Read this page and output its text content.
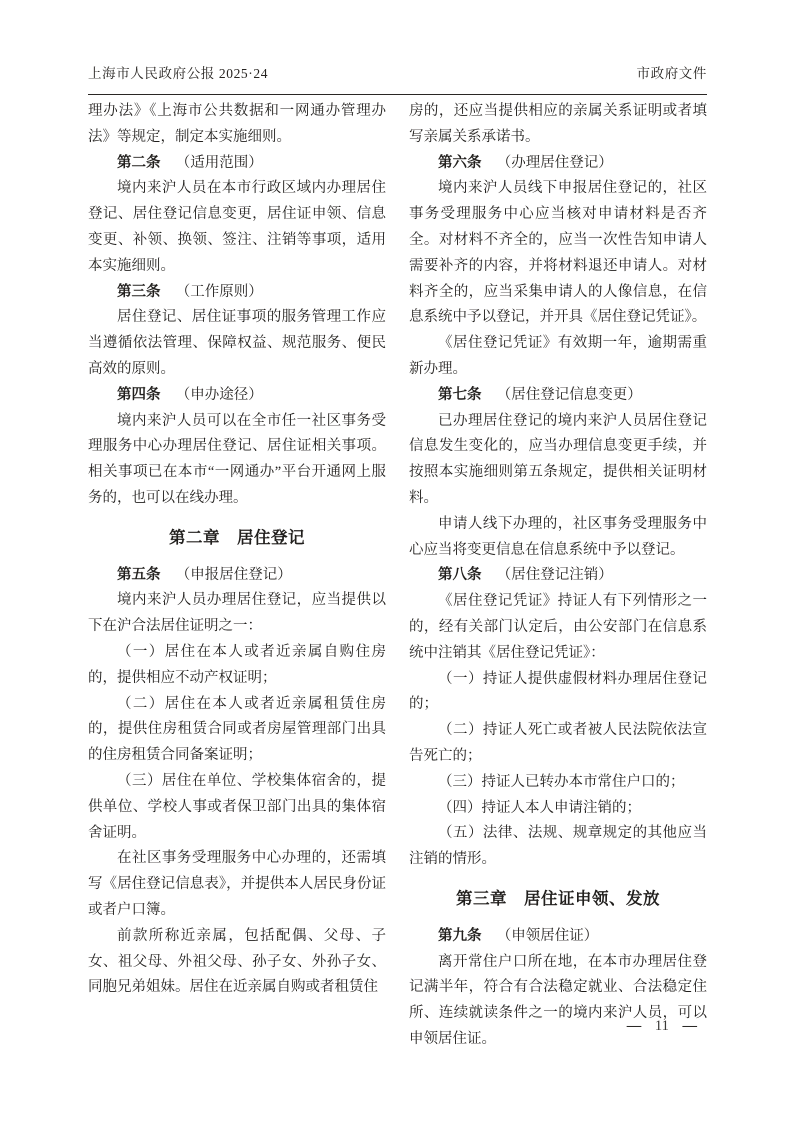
上海市人民政府公报 2025·24	市政府文件

理办法》《上海市公共数据和一网通办管理办法》等规定，制定本实施细则。

第二条 （适用范围）

境内来沪人员在本市行政区域内办理居住登记、居住登记信息变更，居住证申领、信息变更、补领、换领、签注、注销等事项，适用本实施细则。

第三条 （工作原则）

居住登记、居住证事项的服务管理工作应当遵循依法管理、保障权益、规范服务、便民高效的原则。

第四条 （申办途径）

境内来沪人员可以在全市任一社区事务受理服务中心办理居住登记、居住证相关事项。相关事项已在本市“一网通办”平台开通网上服务的，也可以在线办理。

第二章　居住登记

第五条 （申报居住登记）

境内来沪人员办理居住登记，应当提供以下在沪合法居住证明之一：

（一）居住在本人或者近亲属自购住房的，提供相应不动产权证明；

（二）居住在本人或者近亲属租赁住房的，提供住房租赁合同或者房屋管理部门出具的住房租赁合同备案证明；

（三）居住在单位、学校集体宿舍的，提供单位、学校人事或者保卫部门出具的集体宿舍证明。

在社区事务受理服务中心办理的，还需填写《居住登记信息表》，并提供本人居民身份证或者户口簿。

前款所称近亲属，包括配偶、父母、子女、祖父母、外祖父母、孙子女、外孙子女、同胞兄弟姐妹。居住在近亲属自购或者租赁住

房的，还应当提供相应的亲属关系证明或者填写亲属关系承诺书。

第六条 （办理居住登记）

境内来沪人员线下申报居住登记的，社区事务受理服务中心应当核对申请材料是否齐全。对材料不齐全的，应当一次性告知申请人需要补齐的内容，并将材料退还申请人。对材料齐全的，应当采集申请人的人像信息，在信息系统中予以登记，并开具《居住登记凭证》。

《居住登记凭证》有效期一年，逾期需重新办理。

第七条 （居住登记信息变更）

已办理居住登记的境内来沪人员居住登记信息发生变化的，应当办理信息变更手续，并按照本实施细则第五条规定，提供相关证明材料。

申请人线下办理的，社区事务受理服务中心应当将变更信息在信息系统中予以登记。

第八条 （居住登记注销）

《居住登记凭证》持证人有下列情形之一的，经有关部门认定后，由公安部门在信息系统中注销其《居住登记凭证》：

（一）持证人提供虚假材料办理居住登记的；

（二）持证人死亡或者被人民法院依法宣告死亡的；

（三）持证人已转办本市常住户口的；

（四）持证人本人申请注销的；

（五）法律、法规、规章规定的其他应当注销的情形。

第三章　居住证申领、发放

第九条 （申领居住证）

离开常住户口所在地，在本市办理居住登记满半年，符合有合法稳定就业、合法稳定住所、连续就读条件之一的境内来沪人员，可以申领居住证。

— 11 —
